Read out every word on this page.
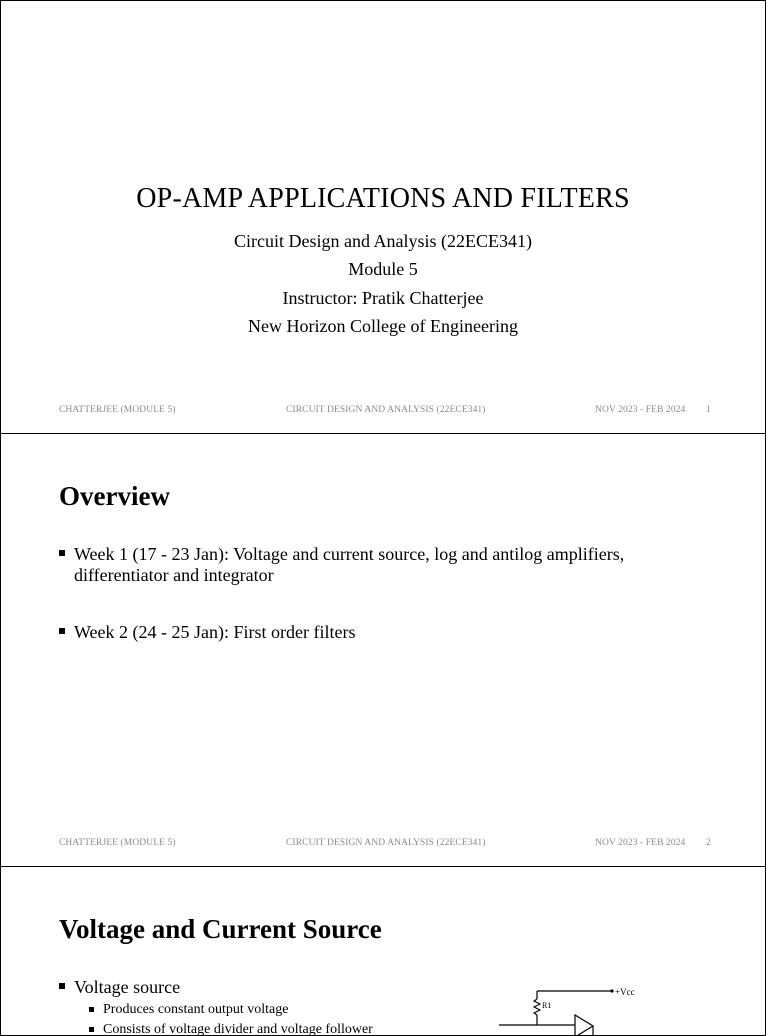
OP-AMP APPLICATIONS AND FILTERS
Circuit Design and Analysis (22ECE341)
Module 5
Instructor: Pratik Chatterjee
New Horizon College of Engineering
CHATTERJEE (MODULE 5)	CIRCUIT DESIGN AND ANALYSIS (22ECE341)	NOV 2023 - FEB 2024 1
Overview
Week 1 (17 - 23 Jan): Voltage and current source, log and antilog amplifiers, differentiator and integrator
Week 2 (24 - 25 Jan): First order filters
CHATTERJEE (MODULE 5)	CIRCUIT DESIGN AND ANALYSIS (22ECE341)	NOV 2023 - FEB 2024 2
Voltage and Current Source
Voltage source
Produces constant output voltage
Consists of voltage divider and voltage follower
+Vcc
R1
